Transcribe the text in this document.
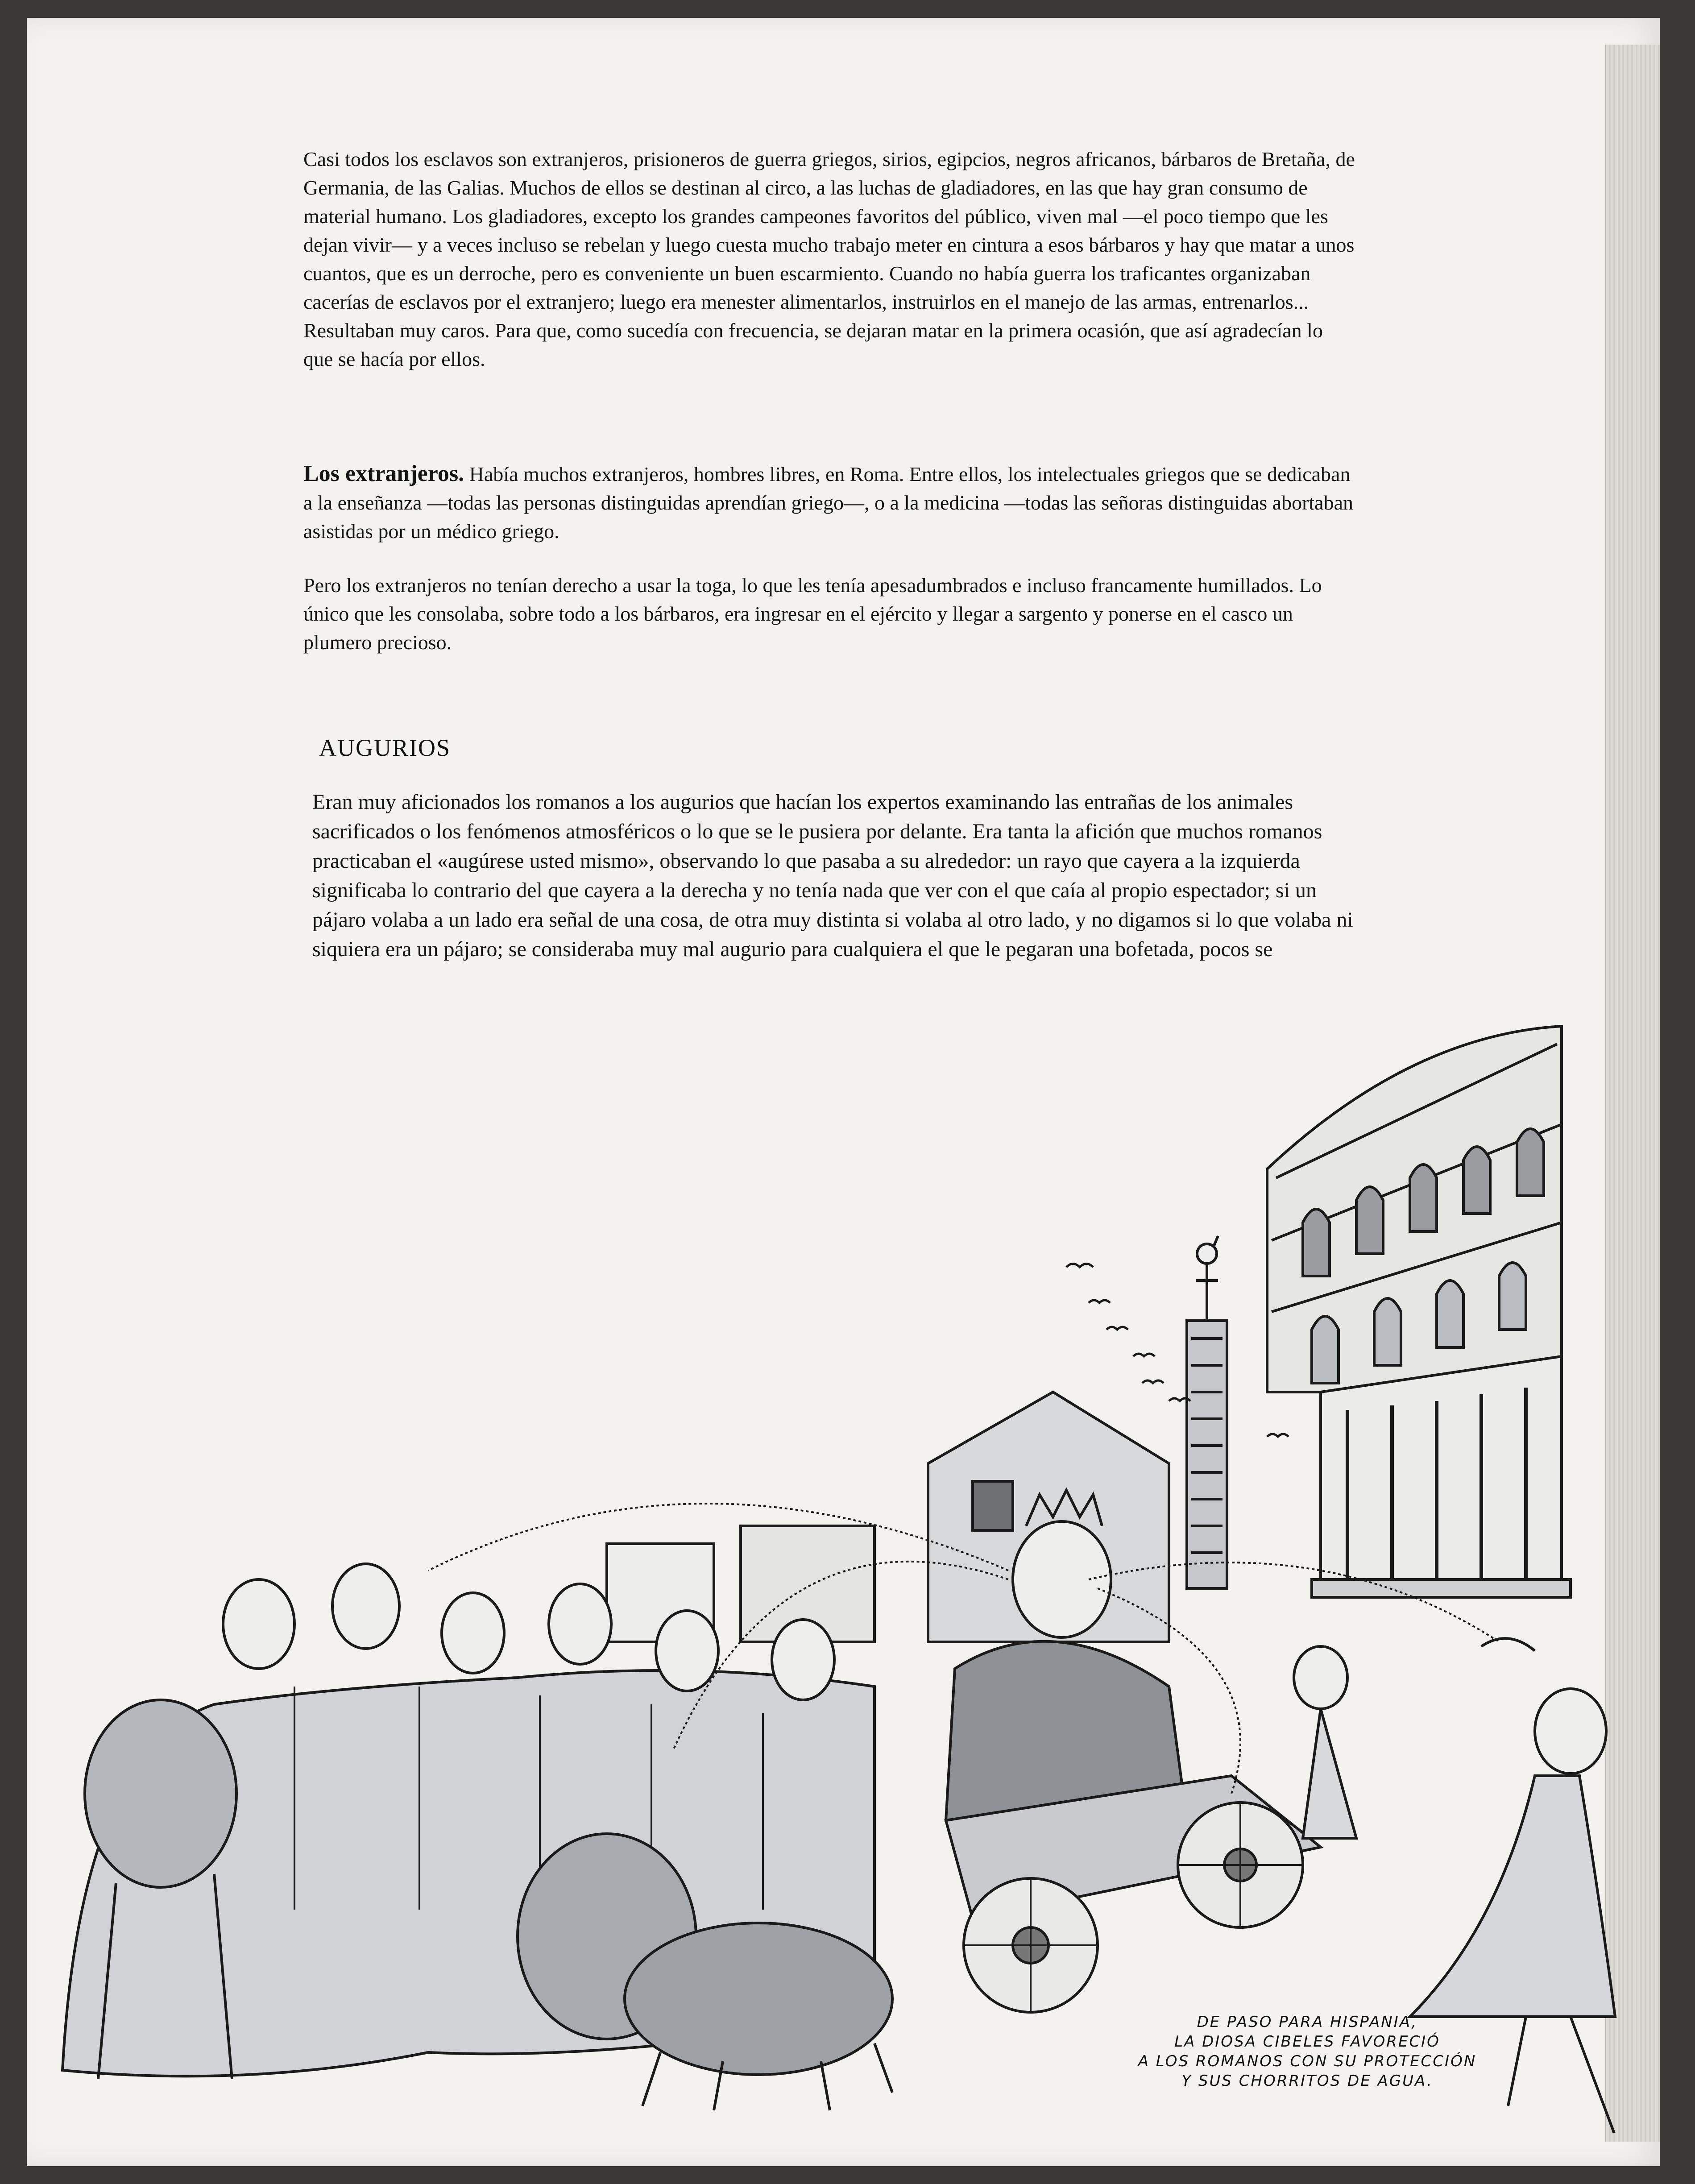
Casi todos los esclavos son extranjeros, prisioneros de guerra griegos, sirios, egipcios, negros africanos, bárbaros de Bretaña, de Germania, de las Galias. Muchos de ellos se destinan al circo, a las luchas de gladiadores, en las que hay gran consumo de material humano. Los gladiadores, excepto los grandes campeones favoritos del público, viven mal —el poco tiempo que les dejan vivir— y a veces incluso se rebelan y luego cuesta mucho trabajo meter en cintura a esos bárbaros y hay que matar a unos cuantos, que es un derroche, pero es conveniente un buen escarmiento. Cuando no había guerra los traficantes organizaban cacerías de esclavos por el extranjero; luego era menester alimentarlos, instruirlos en el manejo de las armas, entrenarlos... Resultaban muy caros. Para que, como sucedía con frecuencia, se dejaran matar en la primera ocasión, que así agradecían lo que se hacía por ellos.

Los extranjeros. Había muchos extranjeros, hombres libres, en Roma. Entre ellos, los intelectuales griegos que se dedicaban a la enseñanza —todas las personas distinguidas aprendían griego—, o a la medicina —todas las señoras distinguidas abortaban asistidas por un médico griego.

Pero los extranjeros no tenían derecho a usar la toga, lo que les tenía apesadumbrados e incluso francamente humillados. Lo único que les consolaba, sobre todo a los bárbaros, era ingresar en el ejército y llegar a sargento y ponerse en el casco un plumero precioso.

AUGURIOS

Eran muy aficionados los romanos a los augurios que hacían los expertos examinando las entrañas de los animales sacrificados o los fenómenos atmosféricos o lo que se le pusiera por delante. Era tanta la afición que muchos romanos practicaban el «augúrese usted mismo», observando lo que pasaba a su alrededor: un rayo que cayera a la izquierda significaba lo contrario del que cayera a la derecha y no tenía nada que ver con el que caía al propio espectador; si un pájaro volaba a un lado era señal de una cosa, de otra muy distinta si volaba al otro lado, y no digamos si lo que volaba ni siquiera era un pájaro; se consideraba muy mal augurio para cualquiera el que le pegaran una bofetada, pocos se

DE PASO PARA HISPANIA,
LA DIOSA CIBELES FAVORECIÓ
A LOS ROMANOS CON SU PROTECCIÓN
Y SUS CHORRITOS DE AGUA.
